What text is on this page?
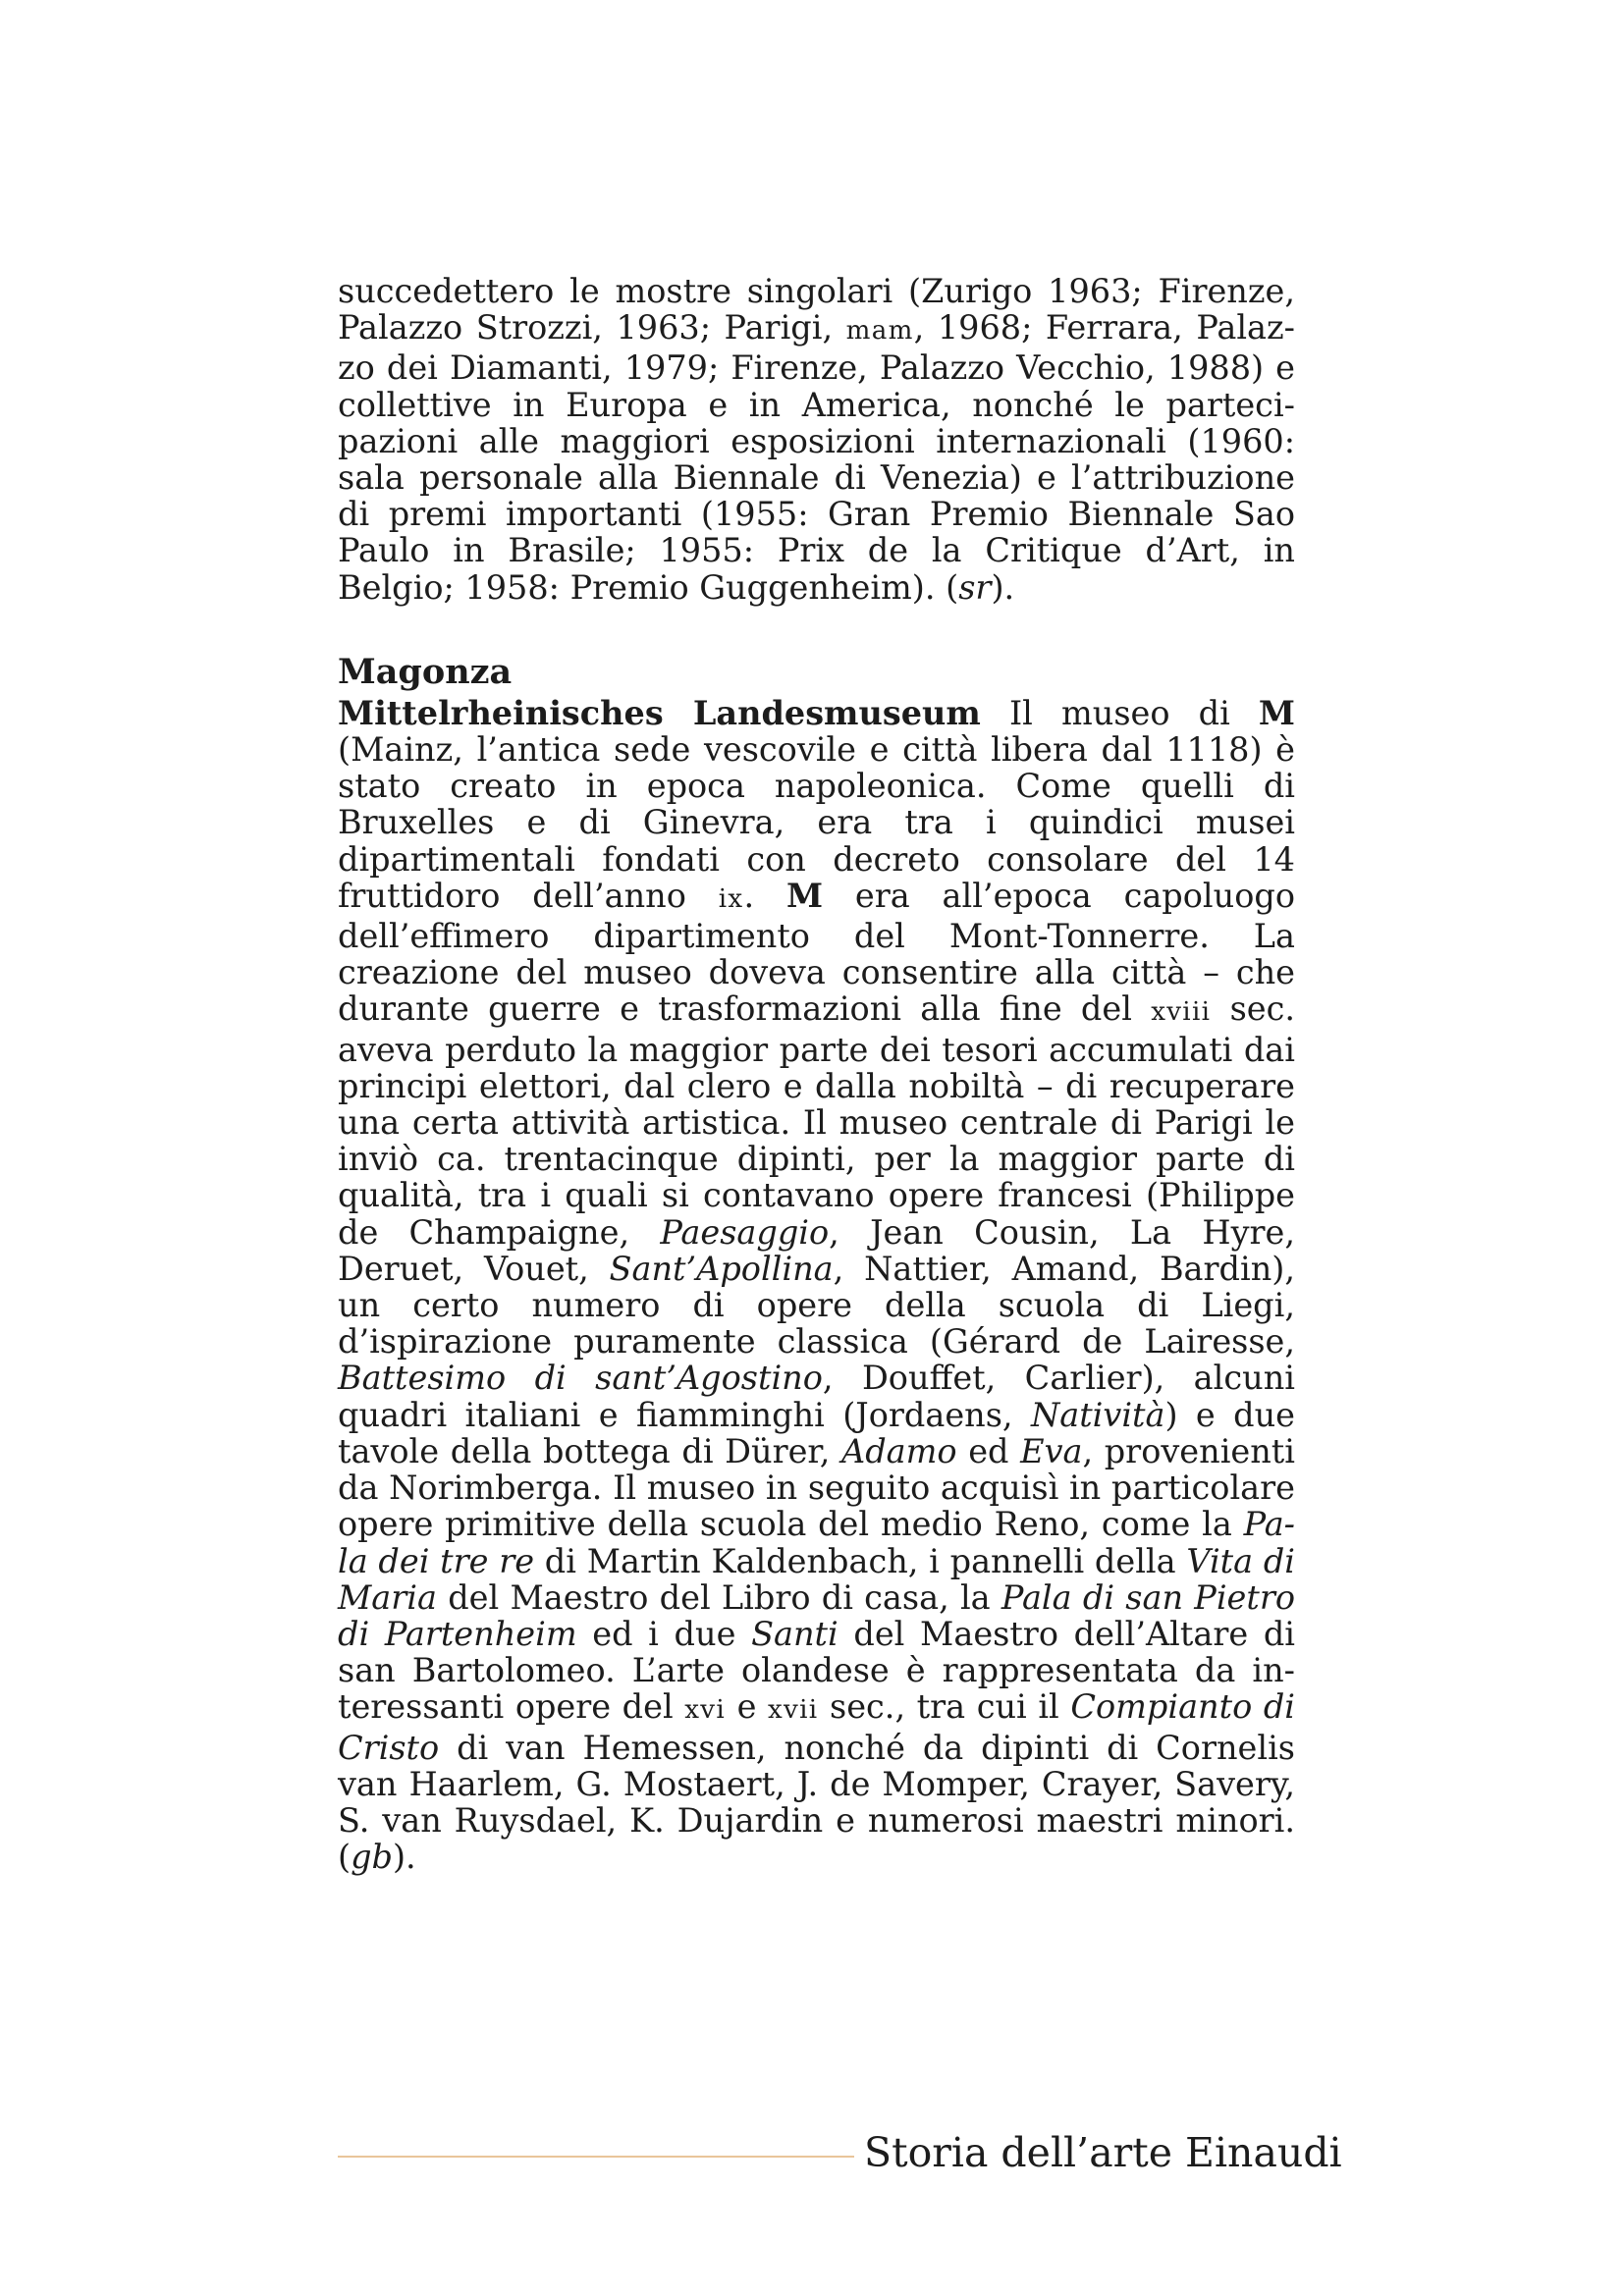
succedettero le mostre singolari (Zurigo 1963; Firenze, Palazzo Strozzi, 1963; Parigi, mam, 1968; Ferrara, Palazzo dei Diamanti, 1979; Firenze, Palazzo Vecchio, 1988) e collettive in Europa e in America, nonché le partecipazioni alle maggiori esposizioni internazionali (1960: sala personale alla Biennale di Venezia) e l’attribuzione di premi importanti (1955: Gran Premio Biennale Sao Paulo in Brasile; 1955: Prix de la Critique d’Art, in Belgio; 1958: Premio Guggenheim). (sr).

Magonza

Mittelrheinisches Landesmuseum Il museo di M (Mainz, l’antica sede vescovile e città libera dal 1118) è stato creato in epoca napoleonica. Come quelli di Bruxelles e di Ginevra, era tra i quindici musei dipartimentali fondati con decreto consolare del 14 fruttidoro dell’anno ix. M era all’epoca capoluogo dell’effimero dipartimento del Mont-Tonnerre. La creazione del museo doveva consentire alla città – che durante guerre e trasformazioni alla fine del xviii sec. aveva perduto la maggior parte dei tesori accumulati dai principi elettori, dal clero e dalla nobiltà – di recuperare una certa attività artistica. Il museo centrale di Parigi le inviò ca. trentacinque dipinti, per la maggior parte di qualità, tra i quali si contavano opere francesi (Philippe de Champaigne, Paesaggio, Jean Cousin, La Hyre, Deruet, Vouet, Sant’Apollina, Nattier, Amand, Bardin), un certo numero di opere della scuola di Liegi, d’ispirazione puramente classica (Gérard de Lairesse, Battesimo di sant’Agostino, Douffet, Carlier), alcuni quadri italiani e fiamminghi (Jordaens, Natività) e due tavole della bottega di Dürer, Adamo ed Eva, provenienti da Norimberga. Il museo in seguito acquisì in particolare opere primitive della scuola del medio Reno, come la Pala dei tre re di Martin Kaldenbach, i pannelli della Vita di Maria del Maestro del Libro di casa, la Pala di san Pietro di Partenheim ed i due Santi del Maestro dell’Altare di san Bartolomeo. L’arte olandese è rappresentata da interessanti opere del xvi e xvii sec., tra cui il Compianto di Cristo di van Hemessen, nonché da dipinti di Cornelis van Haarlem, G. Mostaert, J. de Momper, Crayer, Savery, S. van Ruysdael, K. Dujardin e numerosi maestri minori. (gb).

Storia dell’arte Einaudi
